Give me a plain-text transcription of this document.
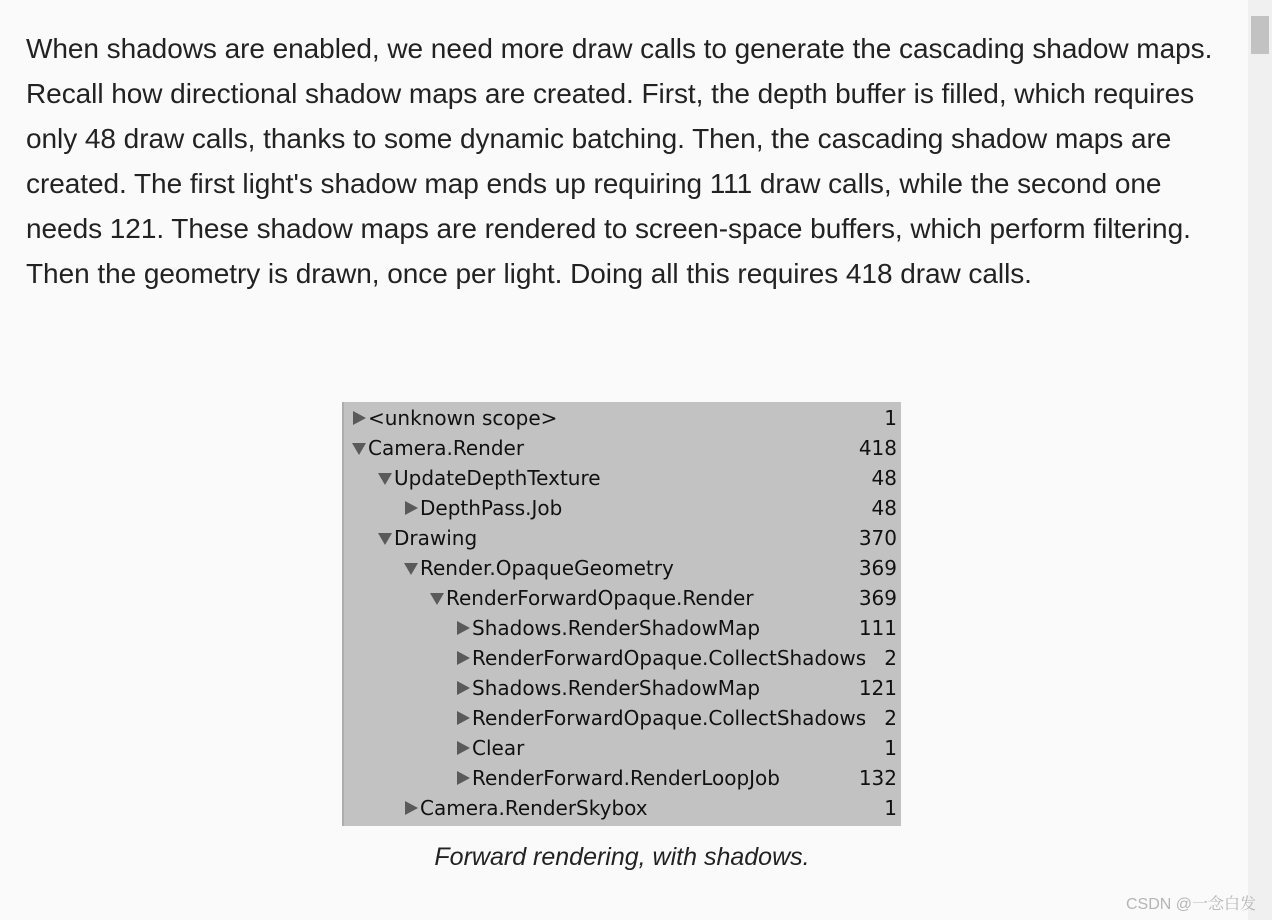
When shadows are enabled, we need more draw calls to generate the cascading shadow maps. Recall how directional shadow maps are created. First, the depth buffer is filled, which requires only 48 draw calls, thanks to some dynamic batching. Then, the cascading shadow maps are created. The first light's shadow map ends up requiring 111 draw calls, while the second one needs 121. These shadow maps are rendered to screen-space buffers, which perform filtering. Then the geometry is drawn, once per light. Doing all this requires 418 draw calls.

<unknown scope>	1
Camera.Render	418
UpdateDepthTexture	48
DepthPass.Job	48
Drawing	370
Render.OpaqueGeometry	369
RenderForwardOpaque.Render	369
Shadows.RenderShadowMap	111
RenderForwardOpaque.CollectShadows 2
Shadows.RenderShadowMap	121
RenderForwardOpaque.CollectShadows 2
Clear	1
RenderForward.RenderLoopJob	132
Camera.RenderSkybox	1
Forward rendering, with shadows.
CSDN @一念白发
